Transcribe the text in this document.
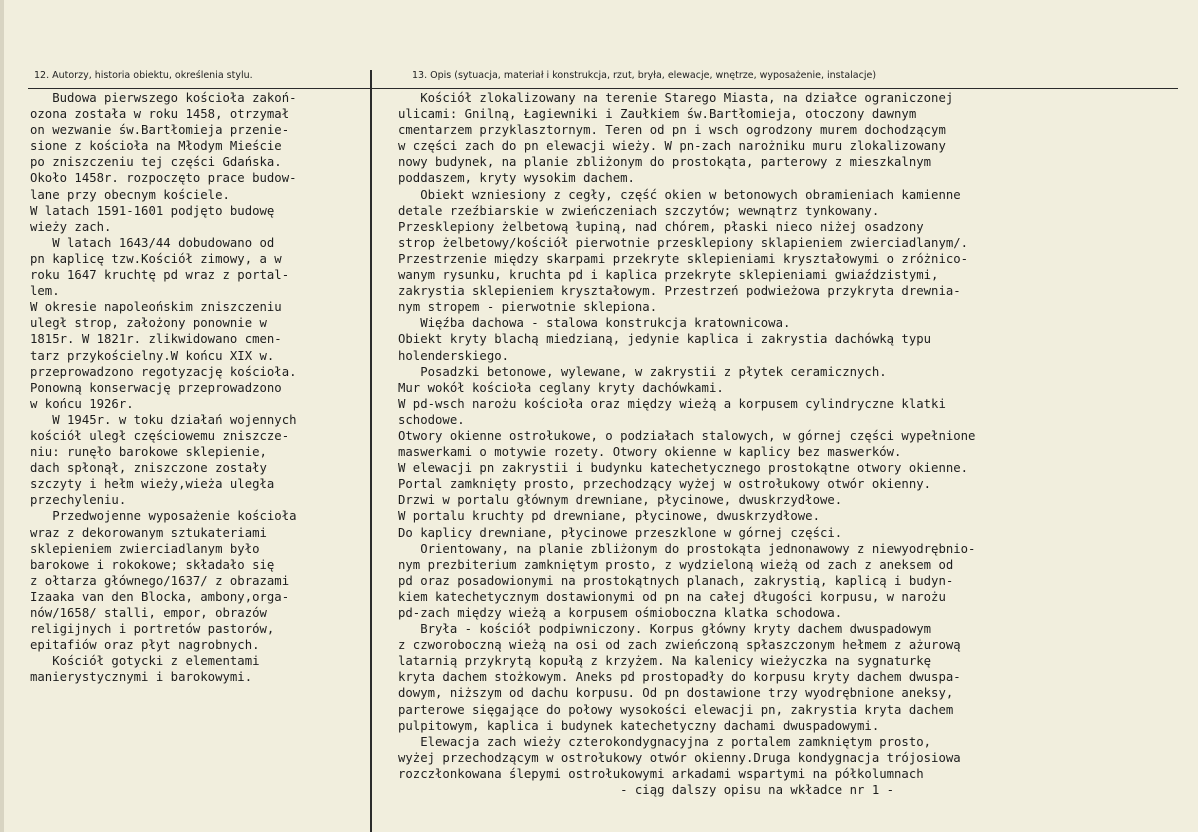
12. Autorzy, historia obiektu, określenia stylu.	13. Opis (sytuacja, materiał i konstrukcja, rzut, bryła, elewacje, wnętrze, wyposażenie, instalacje)
Budowa pierwszego kościoła zakoń-
ozona została w roku 1458, otrzymał
on wezwanie św.Bartłomieja przenie-
sione z kościoła na Młodym Mieście
po zniszczeniu tej części Gdańska.
Około 1458r. rozpoczęto prace budow-
lane przy obecnym kościele.
W latach 1591-1601 podjęto budowę
wieży zach.
W latach 1643/44 dobudowano od
pn kaplicę tzw.Kościół zimowy, a w
roku 1647 kruchtę pd wraz z portal-
lem.
W okresie napoleońskim zniszczeniu
uległ strop, założony ponownie w
1815r. W 1821r. zlikwidowano cmen-
tarz przykościelny.W końcu XIX w.
przeprowadzono regotyzację kościoła.
Ponowną konserwację przeprowadzono
w końcu 1926r.
W 1945r. w toku działań wojennych
kościół uległ częściowemu zniszcze-
niu: runęło barokowe sklepienie,
dach spłonął, zniszczone zostały
szczyty i hełm wieży,wieża uległa
przechyleniu.
Przedwojenne wyposażenie kościoła
wraz z dekorowanym sztukateriami
sklepieniem zwierciadlanym było
barokowe i rokokowe; składało się
z ołtarza głównego/1637/ z obrazami
Izaaka van den Blocka, ambony,orga-
nów/1658/ stalli, empor, obrazów
religijnych i portretów pastorów,
epitafiów oraz płyt nagrobnych.
Kościół gotycki z elementami
manierystycznymi i barokowymi.
Kościół zlokalizowany na terenie Starego Miasta, na działce ograniczonej
ulicami: Gnilną, Łagiewniki i Zaułkiem św.Bartłomieja, otoczony dawnym
cmentarzem przyklasztornym. Teren od pn i wsch ogrodzony murem dochodzącym
w części zach do pn elewacji wieży. W pn-zach narożniku muru zlokalizowany
nowy budynek, na planie zbliżonym do prostokąta, parterowy z mieszkalnym
poddaszem, kryty wysokim dachem.
Obiekt wzniesiony z cegły, część okien w betonowych obramieniach kamienne
detale rzeźbiarskie w zwieńczeniach szczytów; wewnątrz tynkowany.
Przesklepiony żelbetową łupiną, nad chórem, płaski nieco niżej osadzony
strop żelbetowy/kościół pierwotnie przesklepiony sklapieniem zwierciadlanym/.
Przestrzenie między skarpami przekryte sklepieniami kryształowymi o zróżnico-
wanym rysunku, kruchta pd i kaplica przekryte sklepieniami gwiaździstymi,
zakrystia sklepieniem kryształowym. Przestrzeń podwieżowa przykryta drewnia-
nym stropem - pierwotnie sklepiona.
Więźba dachowa - stalowa konstrukcja kratownicowa.
Obiekt kryty blachą miedzianą, jedynie kaplica i zakrystia dachówką typu
holenderskiego.
Posadzki betonowe, wylewane, w zakrystii z płytek ceramicznych.
Mur wokół kościoła ceglany kryty dachówkami.
W pd-wsch narożu kościoła oraz między wieżą a korpusem cylindryczne klatki
schodowe.
Otwory okienne ostrołukowe, o podziałach stalowych, w górnej części wypełnione
maswerkami o motywie rozety. Otwory okienne w kaplicy bez maswerków.
W elewacji pn zakrystii i budynku katechetycznego prostokątne otwory okienne.
Portal zamknięty prosto, przechodzący wyżej w ostrołukowy otwór okienny.
Drzwi w portalu głównym drewniane, płycinowe, dwuskrzydłowe.
W portalu kruchty pd drewniane, płycinowe, dwuskrzydłowe.
Do kaplicy drewniane, płycinowe przeszklone w górnej części.
Orientowany, na planie zbliżonym do prostokąta jednonawowy z niewyodrębnio-
nym prezbiterium zamkniętym prosto, z wydzieloną wieżą od zach z aneksem od
pd oraz posadowionymi na prostokątnych planach, zakrystią, kaplicą i budyn-
kiem katechetycznym dostawionymi od pn na całej długości korpusu, w narożu
pd-zach między wieżą a korpusem ośmioboczna klatka schodowa.
Bryła - kościół podpiwniczony. Korpus główny kryty dachem dwuspadowym
z czworoboczną wieżą na osi od zach zwieńczoną spłaszczonym hełmem z ażurową
latarnią przykrytą kopułą z krzyżem. Na kalenicy wieżyczka na sygnaturkę
kryta dachem stożkowym. Aneks pd prostopadły do korpusu kryty dachem dwuspa-
dowym, niższym od dachu korpusu. Od pn dostawione trzy wyodrębnione aneksy,
parterowe sięgające do połowy wysokości elewacji pn, zakrystia kryta dachem
pulpitowym, kaplica i budynek katechetyczny dachami dwuspadowymi.
Elewacja zach wieży czterokondygnacyjna z portalem zamkniętym prosto,
wyżej przechodzącym w ostrołukowy otwór okienny.Druga kondygnacja trójosiowa
rozczłonkowana ślepymi ostrołukowymi arkadami wspartymi na półkolumnach
- ciąg dalszy opisu na wkładce nr 1 -
